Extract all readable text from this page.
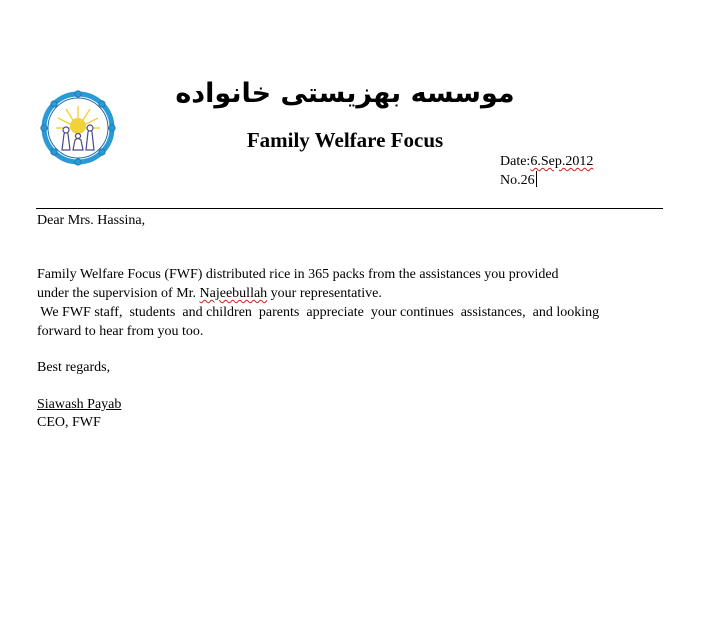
موسسه بهزیستی خانواده
Family Welfare Focus
Date:6.Sep.2012
No.26
Dear Mrs. Hassina,
Family Welfare Focus (FWF) distributed rice in 365 packs from the assistances you provided
under the supervision of Mr. Najeebullah your representative.
We FWF staff,  students  and children  parents  appreciate  your continues  assistances,  and looking
forward to hear from you too.
Best regards,
Siawash Payab
CEO, FWF
